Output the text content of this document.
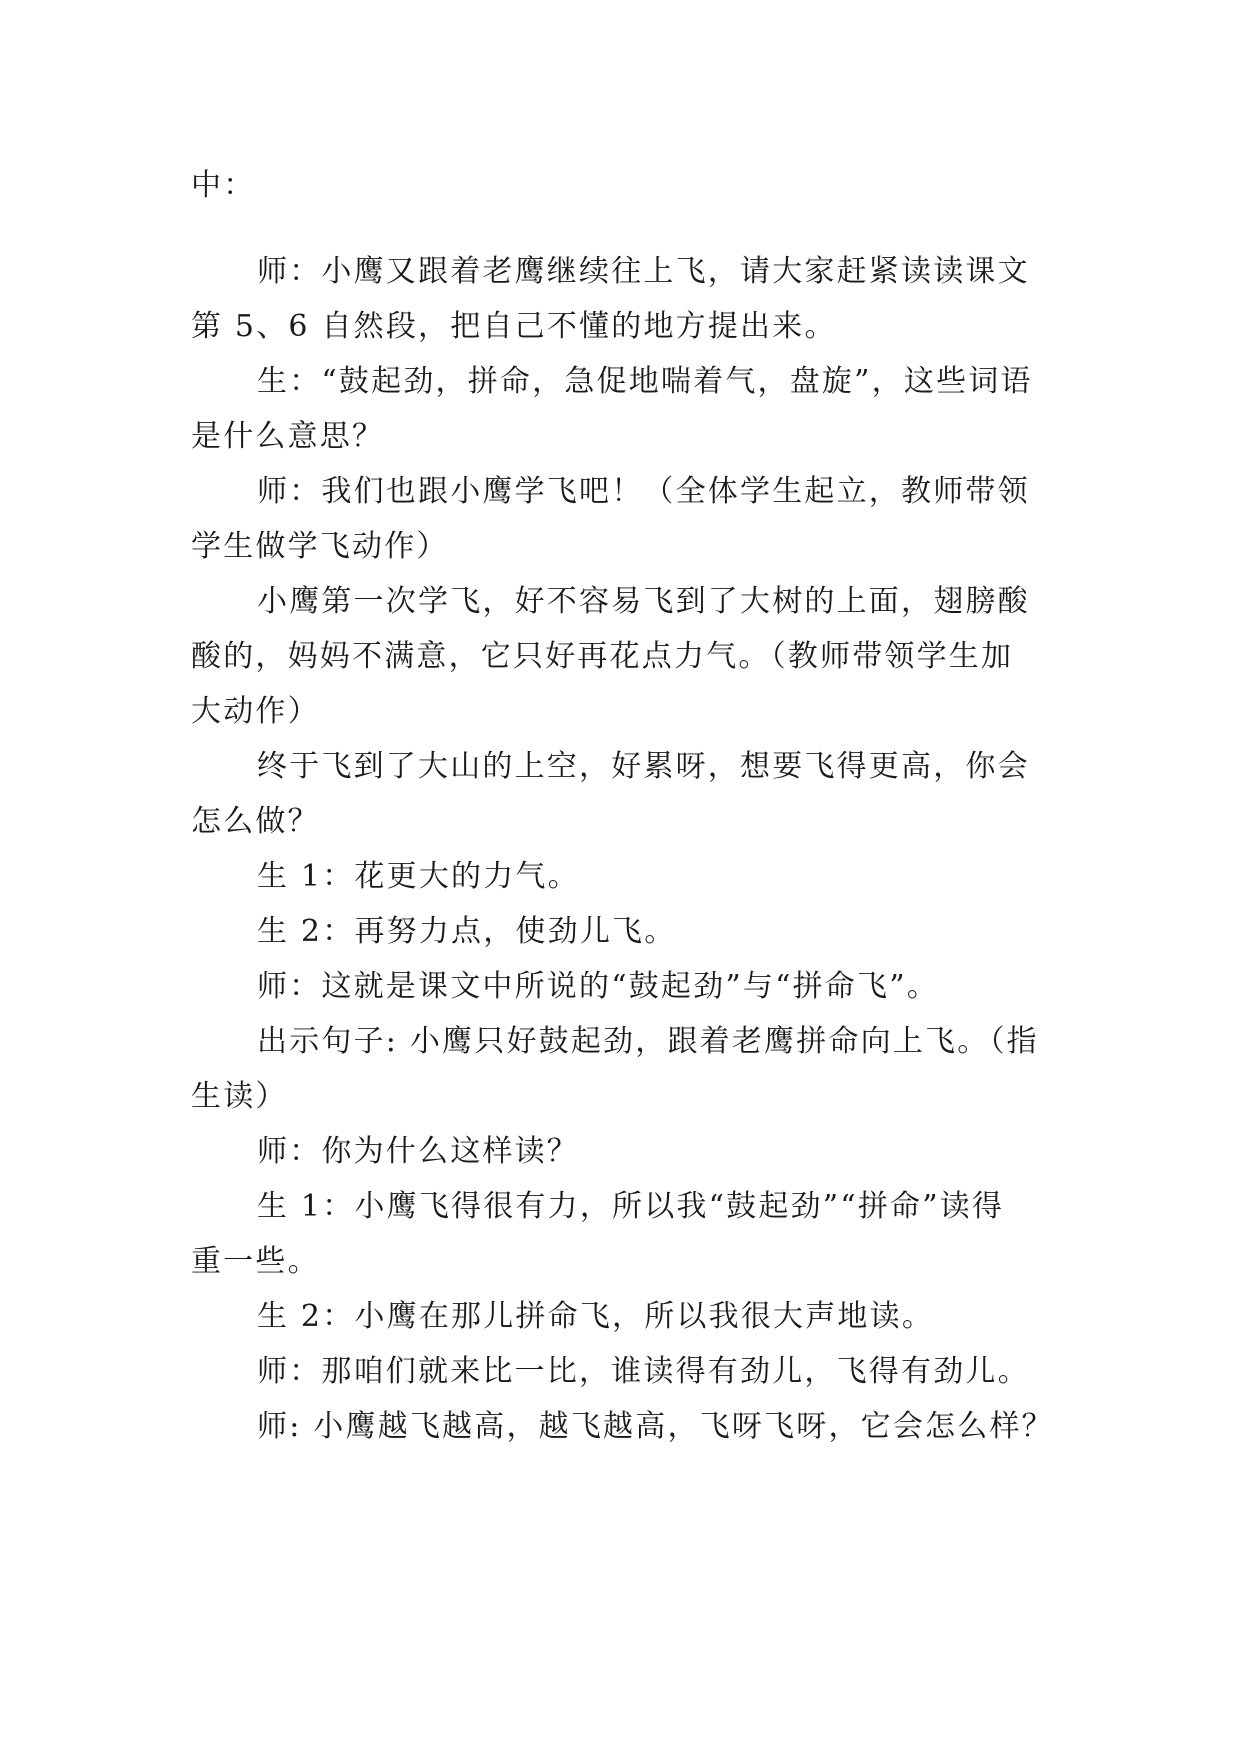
中：
师：小鹰又跟着老鹰继续往上飞，请大家赶紧读读课文
第 5、6 自然段，把自己不懂的地方提出来。
生：“鼓起劲，拼命，急促地喘着气，盘旋”，这些词语
是什么意思？
师：我们也跟小鹰学飞吧！（全体学生起立，教师带领
学生做学飞动作）
小鹰第一次学飞，好不容易飞到了大树的上面，翅膀酸
酸的，妈妈不满意，它只好再花点力气。（教师带领学生加
大动作）
终于飞到了大山的上空，好累呀，想要飞得更高，你会
怎么做？
生 1：花更大的力气。
生 2：再努力点，使劲儿飞。
师：这就是课文中所说的“鼓起劲”与“拼命飞”。
出示句子: 小鹰只好鼓起劲，跟着老鹰拼命向上飞。（指
生读）
师：你为什么这样读？
生 1：小鹰飞得很有力，所以我“鼓起劲”“拼命”读得
重一些。
生 2：小鹰在那儿拼命飞，所以我很大声地读。
师：那咱们就来比一比，谁读得有劲儿，飞得有劲儿。
师: 小鹰越飞越高，越飞越高，飞呀飞呀，它会怎么样？
